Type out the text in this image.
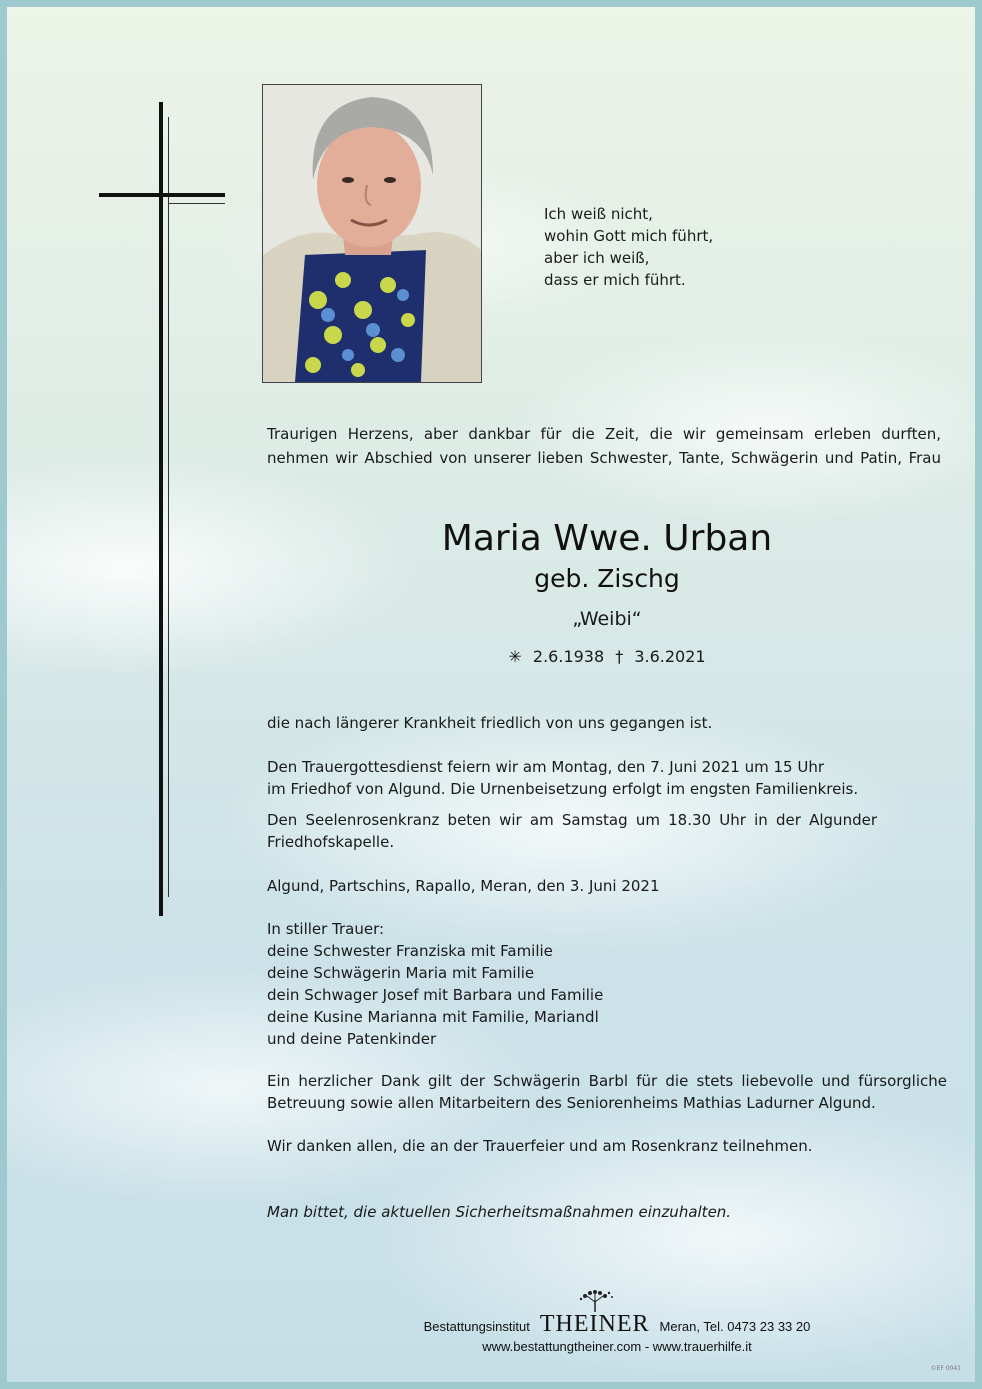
Ich weiß nicht,
wohin Gott mich führt,
aber ich weiß,
dass er mich führt.
Traurigen Herzens, aber dankbar für die Zeit, die wir gemeinsam erleben durften,
nehmen wir Abschied von unserer lieben Schwester, Tante, Schwägerin und Patin, Frau
Maria Wwe. Urban
geb. Zischg
„Weibi“
✳ 2.6.1938 † 3.6.2021
die nach längerer Krankheit friedlich von uns gegangen ist.
Den Trauergottesdienst feiern wir am Montag, den 7. Juni 2021 um 15 Uhr
im Friedhof von Algund. Die Urnenbeisetzung erfolgt im engsten Familienkreis.
Den Seelenrosenkranz beten wir am Samstag um 18.30 Uhr in der Algunder
Friedhofskapelle.
Algund, Partschins, Rapallo, Meran, den 3. Juni 2021
In stiller Trauer:
deine Schwester Franziska mit Familie
deine Schwägerin Maria mit Familie
dein Schwager Josef mit Barbara und Familie
deine Kusine Marianna mit Familie, Mariandl
und deine Patenkinder
Ein herzlicher Dank gilt der Schwägerin Barbl für die stets liebevolle und fürsorgliche
Betreuung sowie allen Mitarbeitern des Seniorenheims Mathias Ladurner Algund.
Wir danken allen, die an der Trauerfeier und am Rosenkranz teilnehmen.
Man bittet, die aktuellen Sicherheitsmaßnahmen einzuhalten.
Bestattungsinstitut THEINER Meran, Tel. 0473 23 33 20
www.bestattungtheiner.com - www.trauerhilfe.it
©EF 0041
